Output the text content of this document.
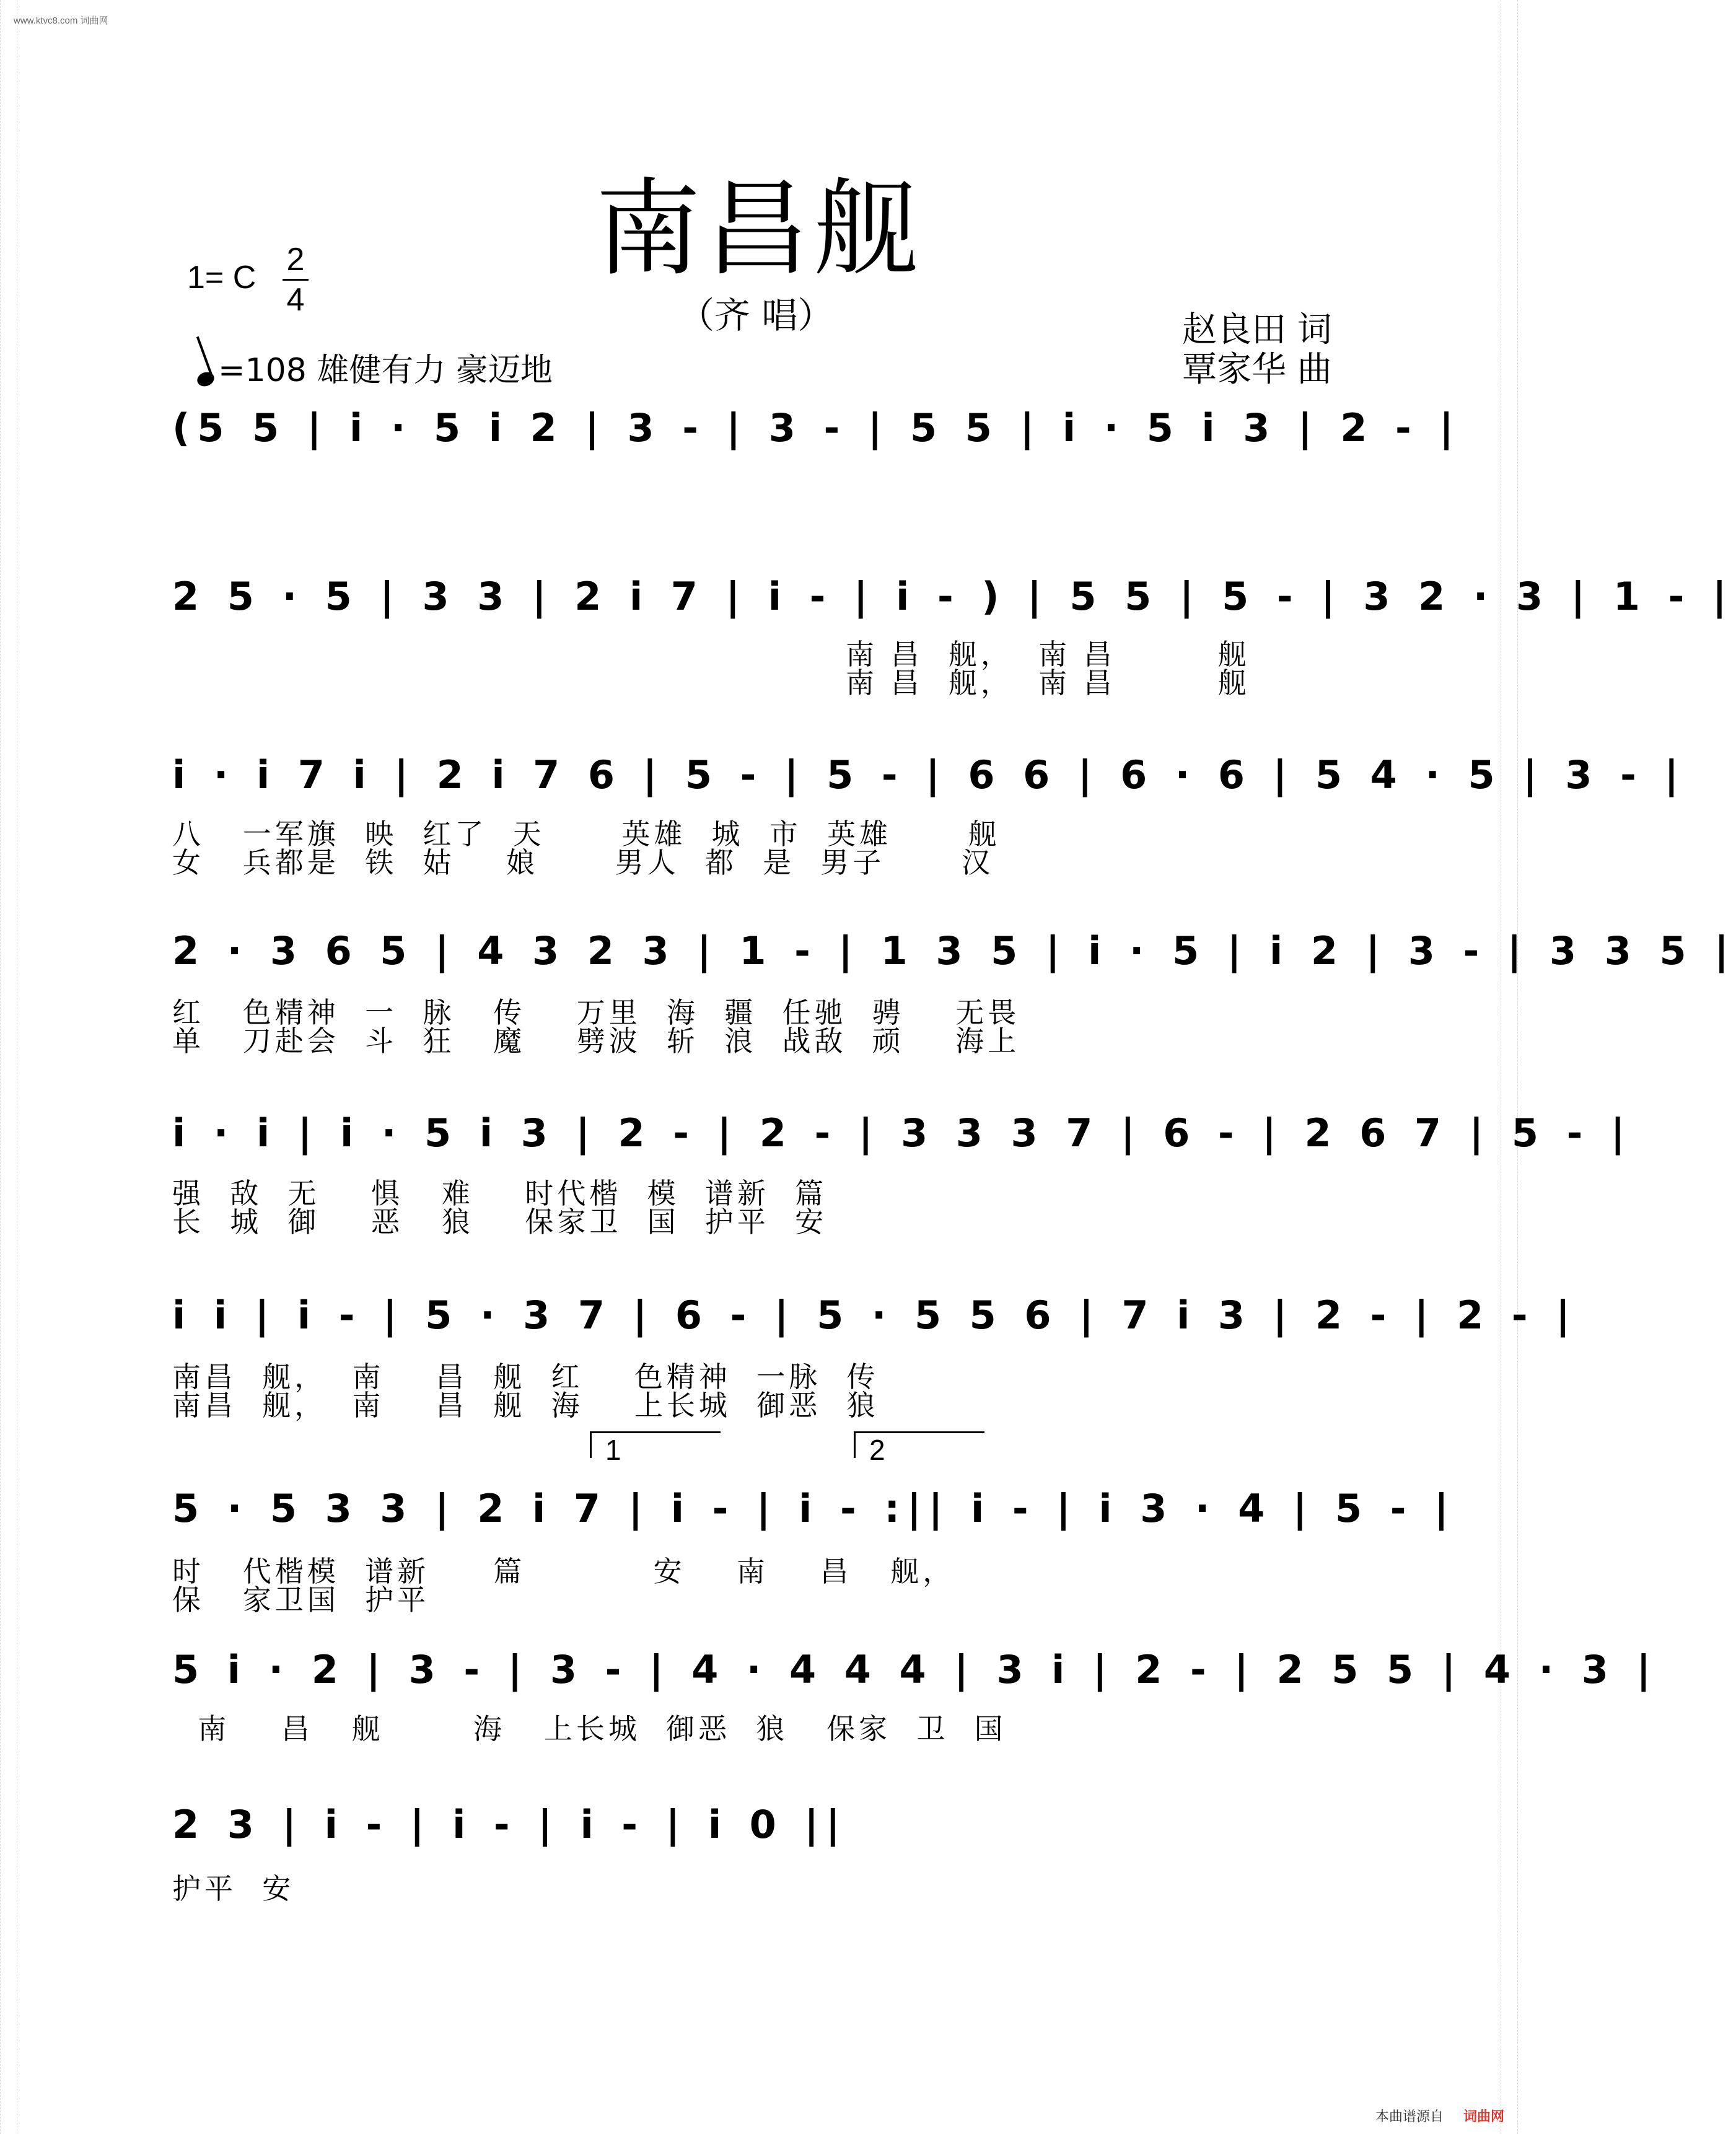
www.ktvc8.com 词曲网
南昌舰
（齐 唱）
1= C 2
4
=108 雄健有力 豪迈地
赵良田 词
覃家华 曲
(5 5 | i · 5 i 2 | 3 - | 3 - | 5 5 | i · 5 i 3 | 2 - |
2 5 · 5 | 3 3 | 2 i 7 | i - | i - ) | 5 5 | 5 - | 3 2 · 3 | 1 - |
南 昌  舰，  南 昌        舰
南 昌  舰，  南 昌        舰
i · i 7 i | 2 i 7 6 | 5 - | 5 - | 6 6 | 6 · 6 | 5 4 · 5 | 3 - |
八   一军旗  映  红了  天      英雄  城  市  英雄      舰
女   兵都是  铁  姑    娘      男人  都  是  男子      汉
2 · 3 6 5 | 4 3 2 3 | 1 - | 1 3 5 | i · 5 | i 2 | 3 - | 3 3 5 |
红   色精神  一  脉   传    万里  海  疆  任驰  骋    无畏
单   刀赴会  斗  狂   魔    劈波  斩  浪  战敌  顽    海上
i · i | i · 5 i 3 | 2 - | 2 - | 3 3 3 7 | 6 - | 2 6 7 | 5 - |
强  敌  无    惧   难    时代楷  模  谱新  篇
长  城  御    恶   狼    保家卫  国  护平  安
i i | i - | 5 · 3 7 | 6 - | 5 · 5 5 6 | 7 i 3 | 2 - | 2 - |
南昌  舰，  南    昌  舰  红    色精神  一脉  传
南昌  舰，  南    昌  舰  海    上长城  御恶  狼
1	2
5 · 5 3 3 | 2 i 7 | i - | i - :|| i - | i 3 · 4 | 5 - |
时   代楷模  谱新     篇          安    南    昌   舰，
保   家卫国  护平
5 i · 2 | 3 - | 3 - | 4 · 4 4 4 | 3 i | 2 - | 2 5 5 | 4 · 3 |
南    昌   舰       海   上长城  御恶  狼   保家  卫  国
2 3 | i - | i - | i - | i 0 ||
护平  安
本曲谱源自 词曲网
